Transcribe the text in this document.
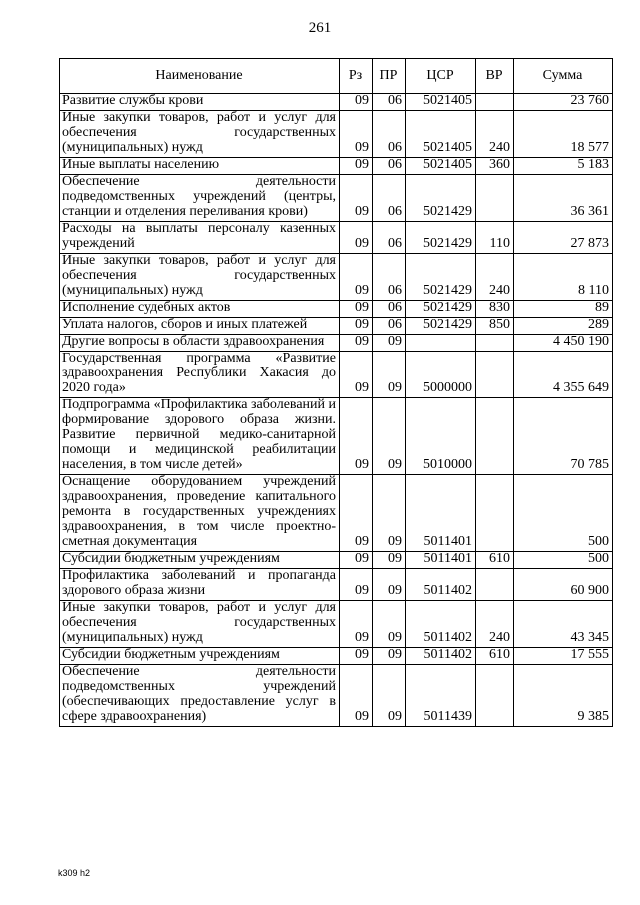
261
Наименование	Рз	ПР	ЦСР	ВР	Сумма
Развитие службы крови	09	06	5021405		23 760
Иные закупки товаров, работ и услуг для обеспечения государственных (муниципальных) нужд	09	06	5021405	240	18 577
Иные выплаты населению	09	06	5021405	360	5 183
Обеспечение деятельности подведомственных учреждений (центры, станции и отделения переливания крови)	09	06	5021429		36 361
Расходы на выплаты персоналу казенных учреждений	09	06	5021429	110	27 873
Иные закупки товаров, работ и услуг для обеспечения государственных (муниципальных) нужд	09	06	5021429	240	8 110
Исполнение судебных актов	09	06	5021429	830	89
Уплата налогов, сборов и иных платежей	09	06	5021429	850	289
Другие вопросы в области здравоохранения	09	09			4 450 190
Государственная программа «Развитие здравоохранения Республики Хакасия до 2020 года»	09	09	5000000		4 355 649
Подпрограмма «Профилактика заболеваний и формирование здорового образа жизни. Развитие первичной медико-санитарной помощи и медицинской реабилитации населения, в том числе детей»	09	09	5010000		70 785
Оснащение оборудованием учреждений здравоохранения, проведение капитального ремонта в государственных учреждениях здравоохранения, в том числе проектно-сметная документация	09	09	5011401		500
Субсидии бюджетным учреждениям	09	09	5011401	610	500
Профилактика заболеваний и пропаганда здорового образа жизни	09	09	5011402		60 900
Иные закупки товаров, работ и услуг для обеспечения государственных (муниципальных) нужд	09	09	5011402	240	43 345
Субсидии бюджетным учреждениям	09	09	5011402	610	17 555
Обеспечение деятельности подведомственных учреждений (обеспечивающих предоставление услуг в сфере здравоохранения)	09	09	5011439		9 385
k309 h2
